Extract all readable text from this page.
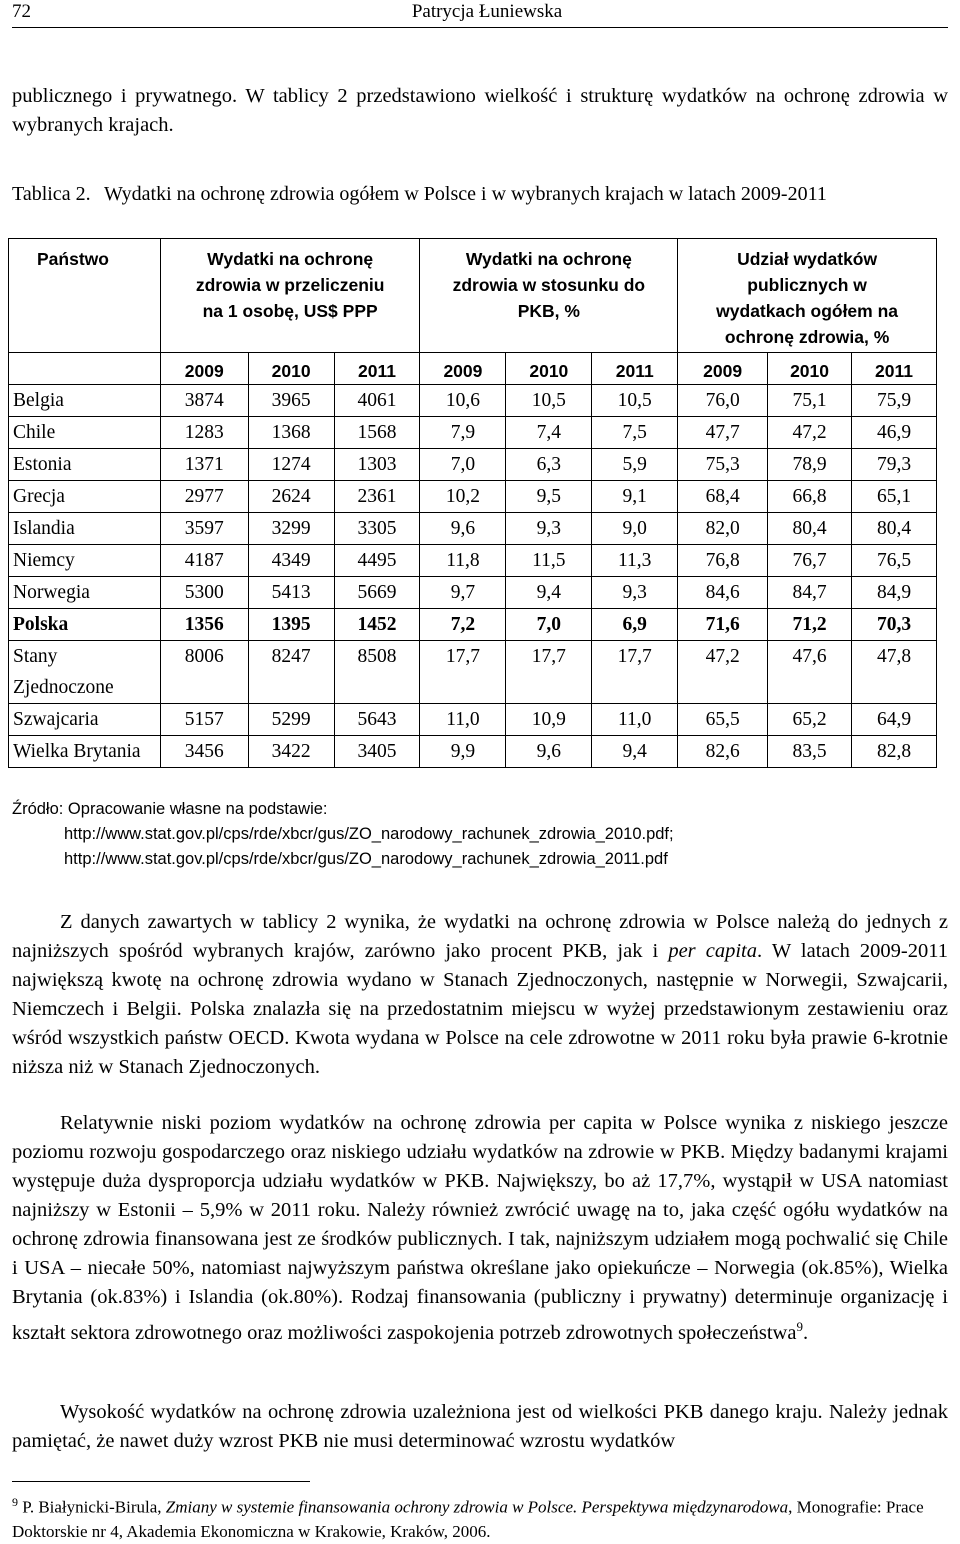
72	Patrycja Łuniewska
publicznego i prywatnego. W tablicy 2 przedstawiono wielkość i strukturę wydatków na ochronę zdrowia w wybranych krajach.
Tablica 2. Wydatki na ochronę zdrowia ogółem w Polsce i w wybranych krajach w latach 2009-2011
Państwo	Wydatki na ochronę zdrowia w przeliczeniu na 1 osobę, US$ PPP			Wydatki na ochronę zdrowia w stosunku do PKB, %			Udział wydatków publicznych w wydatkach ogółem na ochronę zdrowia, %		

	2009	2010	2011	2009	2010	2011	2009	2010	2011
Belgia	3874	3965	4061	10,6	10,5	10,5	76,0	75,1	75,9
Chile	1283	1368	1568	7,9	7,4	7,5	47,7	47,2	46,9
Estonia	1371	1274	1303	7,0	6,3	5,9	75,3	78,9	79,3
Grecja	2977	2624	2361	10,2	9,5	9,1	68,4	66,8	65,1
Islandia	3597	3299	3305	9,6	9,3	9,0	82,0	80,4	80,4
Niemcy	4187	4349	4495	11,8	11,5	11,3	76,8	76,7	76,5
Norwegia	5300	5413	5669	9,7	9,4	9,3	84,6	84,7	84,9
Polska	1356	1395	1452	7,2	7,0	6,9	71,6	71,2	70,3
Stany Zjednoczone	8006	8247	8508	17,7	17,7	17,7	47,2	47,6	47,8
Szwajcaria	5157	5299	5643	11,0	10,9	11,0	65,5	65,2	64,9
Wielka Brytania	3456	3422	3405	9,9	9,6	9,4	82,6	83,5	82,8
Źródło: Opracowanie własne na podstawie:
http://www.stat.gov.pl/cps/rde/xbcr/gus/ZO_narodowy_rachunek_zdrowia_2010.pdf;
http://www.stat.gov.pl/cps/rde/xbcr/gus/ZO_narodowy_rachunek_zdrowia_2011.pdf
Z danych zawartych w tablicy 2 wynika, że wydatki na ochronę zdrowia w Polsce należą do jednych z najniższych spośród wybranych krajów, zarówno jako procent PKB, jak i per capita. W latach 2009-2011 największą kwotę na ochronę zdrowia wydano w Stanach Zjednoczonych, następnie w Norwegii, Szwajcarii, Niemczech i Belgii. Polska znalazła się na przedostatnim miejscu w wyżej przedstawionym zestawieniu oraz wśród wszystkich państw OECD. Kwota wydana w Polsce na cele zdrowotne w 2011 roku była prawie 6-krotnie niższa niż w Stanach Zjednoczonych.
Relatywnie niski poziom wydatków na ochronę zdrowia per capita w Polsce wynika z niskiego jeszcze poziomu rozwoju gospodarczego oraz niskiego udziału wydatków na zdrowie w PKB. Między badanymi krajami występuje duża dysproporcja udziału wydatków w PKB. Największy, bo aż 17,7%, wystąpił w USA natomiast najniższy w Estonii – 5,9% w 2011 roku. Należy również zwrócić uwagę na to, jaka część ogółu wydatków na ochronę zdrowia finansowana jest ze środków publicznych. I tak, najniższym udziałem mogą pochwalić się Chile i USA – niecałe 50%, natomiast najwyższym państwa określane jako opiekuńcze – Norwegia (ok.85%), Wielka Brytania (ok.83%) i Islandia (ok.80%). Rodzaj finansowania (publiczny i prywatny) determinuje organizację i kształt sektora zdrowotnego oraz możliwości zaspokojenia potrzeb zdrowotnych społeczeństwa$^9$.
Wysokość wydatków na ochronę zdrowia uzależniona jest od wielkości PKB danego kraju. Należy jednak pamiętać, że nawet duży wzrost PKB nie musi determinować wzrostu wydatków
$^9$ P. Białynicki-Birula, Zmiany w systemie finansowania ochrony zdrowia w Polsce. Perspektywa międzynarodowa, Monografie: Prace Doktorskie nr 4, Akademia Ekonomiczna w Krakowie, Kraków, 2006.
